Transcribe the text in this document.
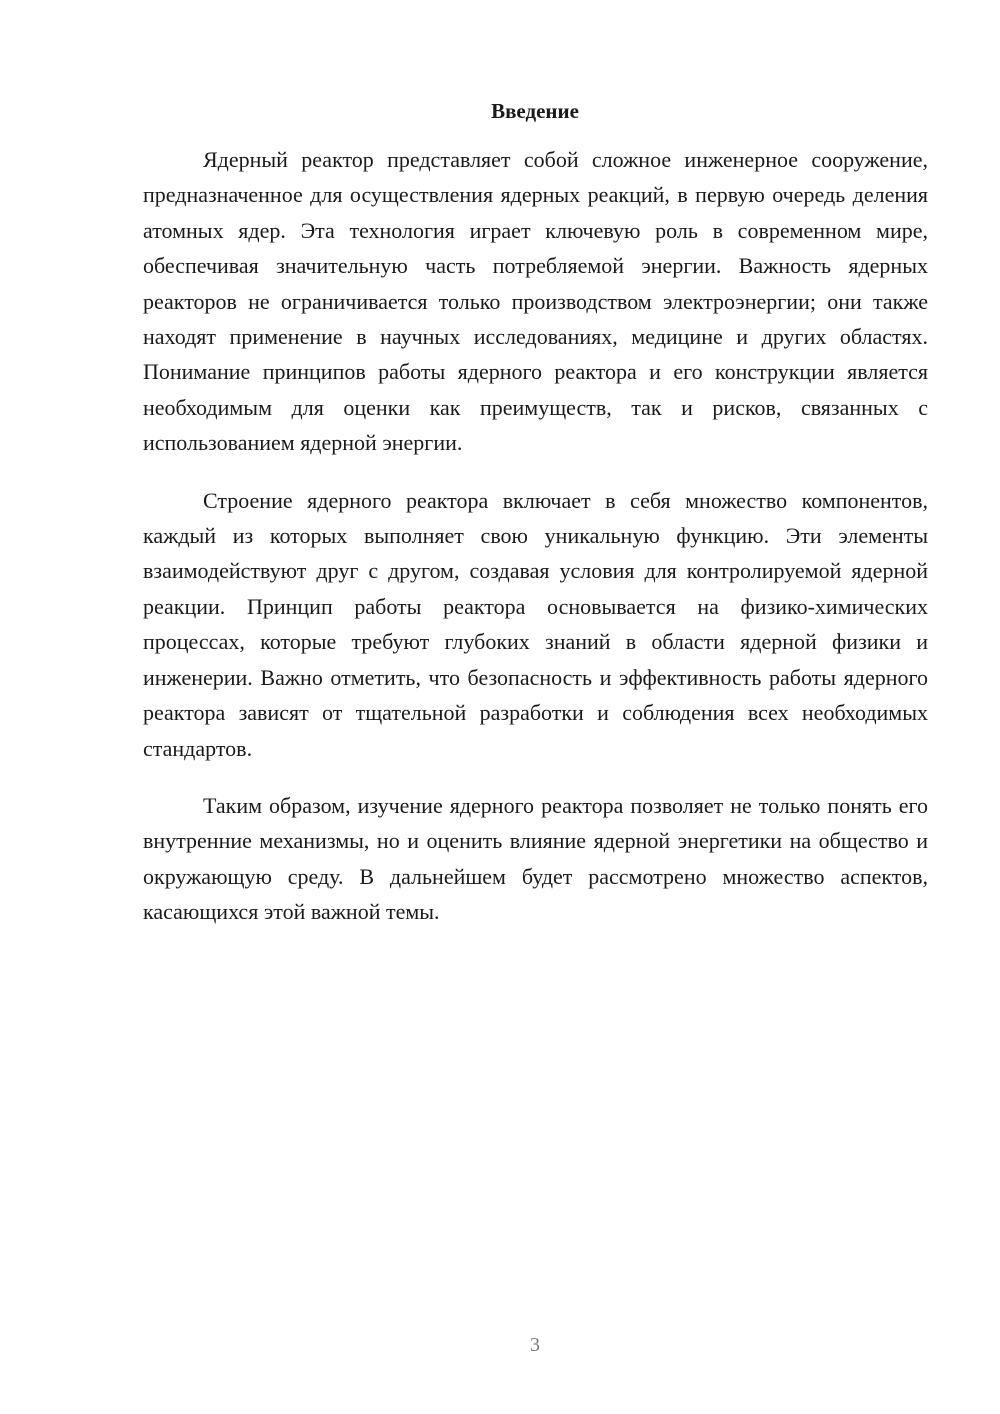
Введение

Ядерный реактор представляет собой сложное инженерное сооружение, предназначенное для осуществления ядерных реакций, в первую очередь деления атомных ядер. Эта технология играет ключевую роль в современном мире, обеспечивая значительную часть потребляемой энергии. Важность ядерных реакторов не ограничивается только производством электроэнергии; они также находят применение в научных исследованиях, медицине и других областях. Понимание принципов работы ядерного реактора и его конструкции является необходимым для оценки как преимуществ, так и рисков, связанных с использованием ядерной энергии.

Строение ядерного реактора включает в себя множество компонентов, каждый из которых выполняет свою уникальную функцию. Эти элементы взаимодействуют друг с другом, создавая условия для контролируемой ядерной реакции. Принцип работы реактора основывается на физико-химических процессах, которые требуют глубоких знаний в области ядерной физики и инженерии. Важно отметить, что безопасность и эффективность работы ядерного реактора зависят от тщательной разработки и соблюдения всех необходимых стандартов.

Таким образом, изучение ядерного реактора позволяет не только понять его внутренние механизмы, но и оценить влияние ядерной энергетики на общество и окружающую среду. В дальнейшем будет рассмотрено множество аспектов, касающихся этой важной темы.

3
